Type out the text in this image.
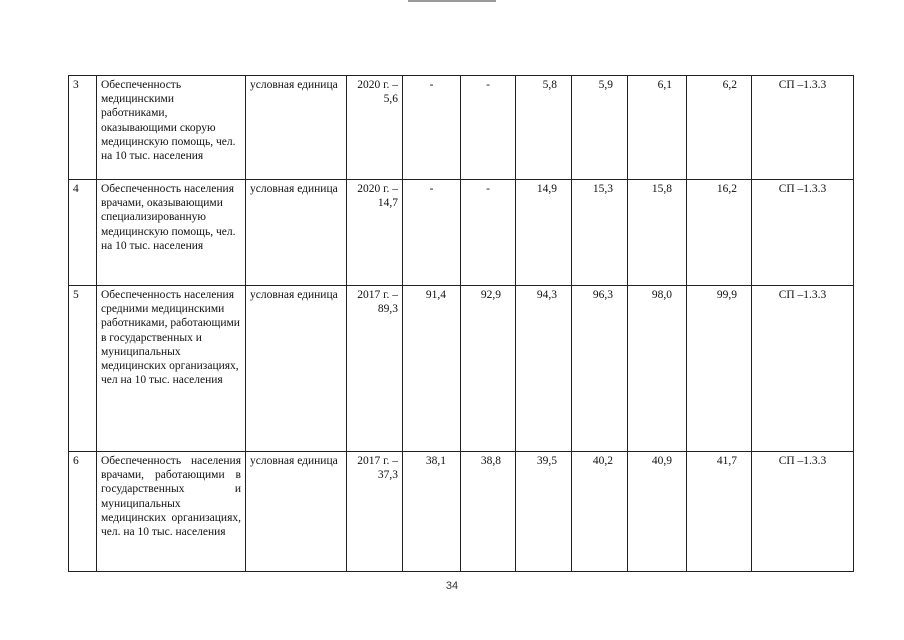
3	Обеспеченность медицинскими работниками, оказывающими скорую медицинскую помощь, чел. на 10 тыс. населения	условная единица	2020 г. – 5,6	-	-	5,8	5,9	6,1	6,2	СП –1.3.3
4	Обеспеченность населения врачами, оказывающими специализированную медицинскую помощь, чел. на 10 тыс. населения	условная единица	2020 г. – 14,7	-	-	14,9	15,3	15,8	16,2	СП –1.3.3
5	Обеспеченность населения средними медицинскими работниками, работающими в государственных и муниципальных медицинских организациях, чел на 10 тыс. населения	условная единица	2017 г. – 89,3	91,4	92,9	94,3	96,3	98,0	99,9	СП –1.3.3
6	Обеспеченность населения врачами, работающими в государственных и муниципальных медицинских организациях, чел. на 10 тыс. населения	условная единица	2017 г. – 37,3	38,1	38,8	39,5	40,2	40,9	41,7	СП –1.3.3
34
